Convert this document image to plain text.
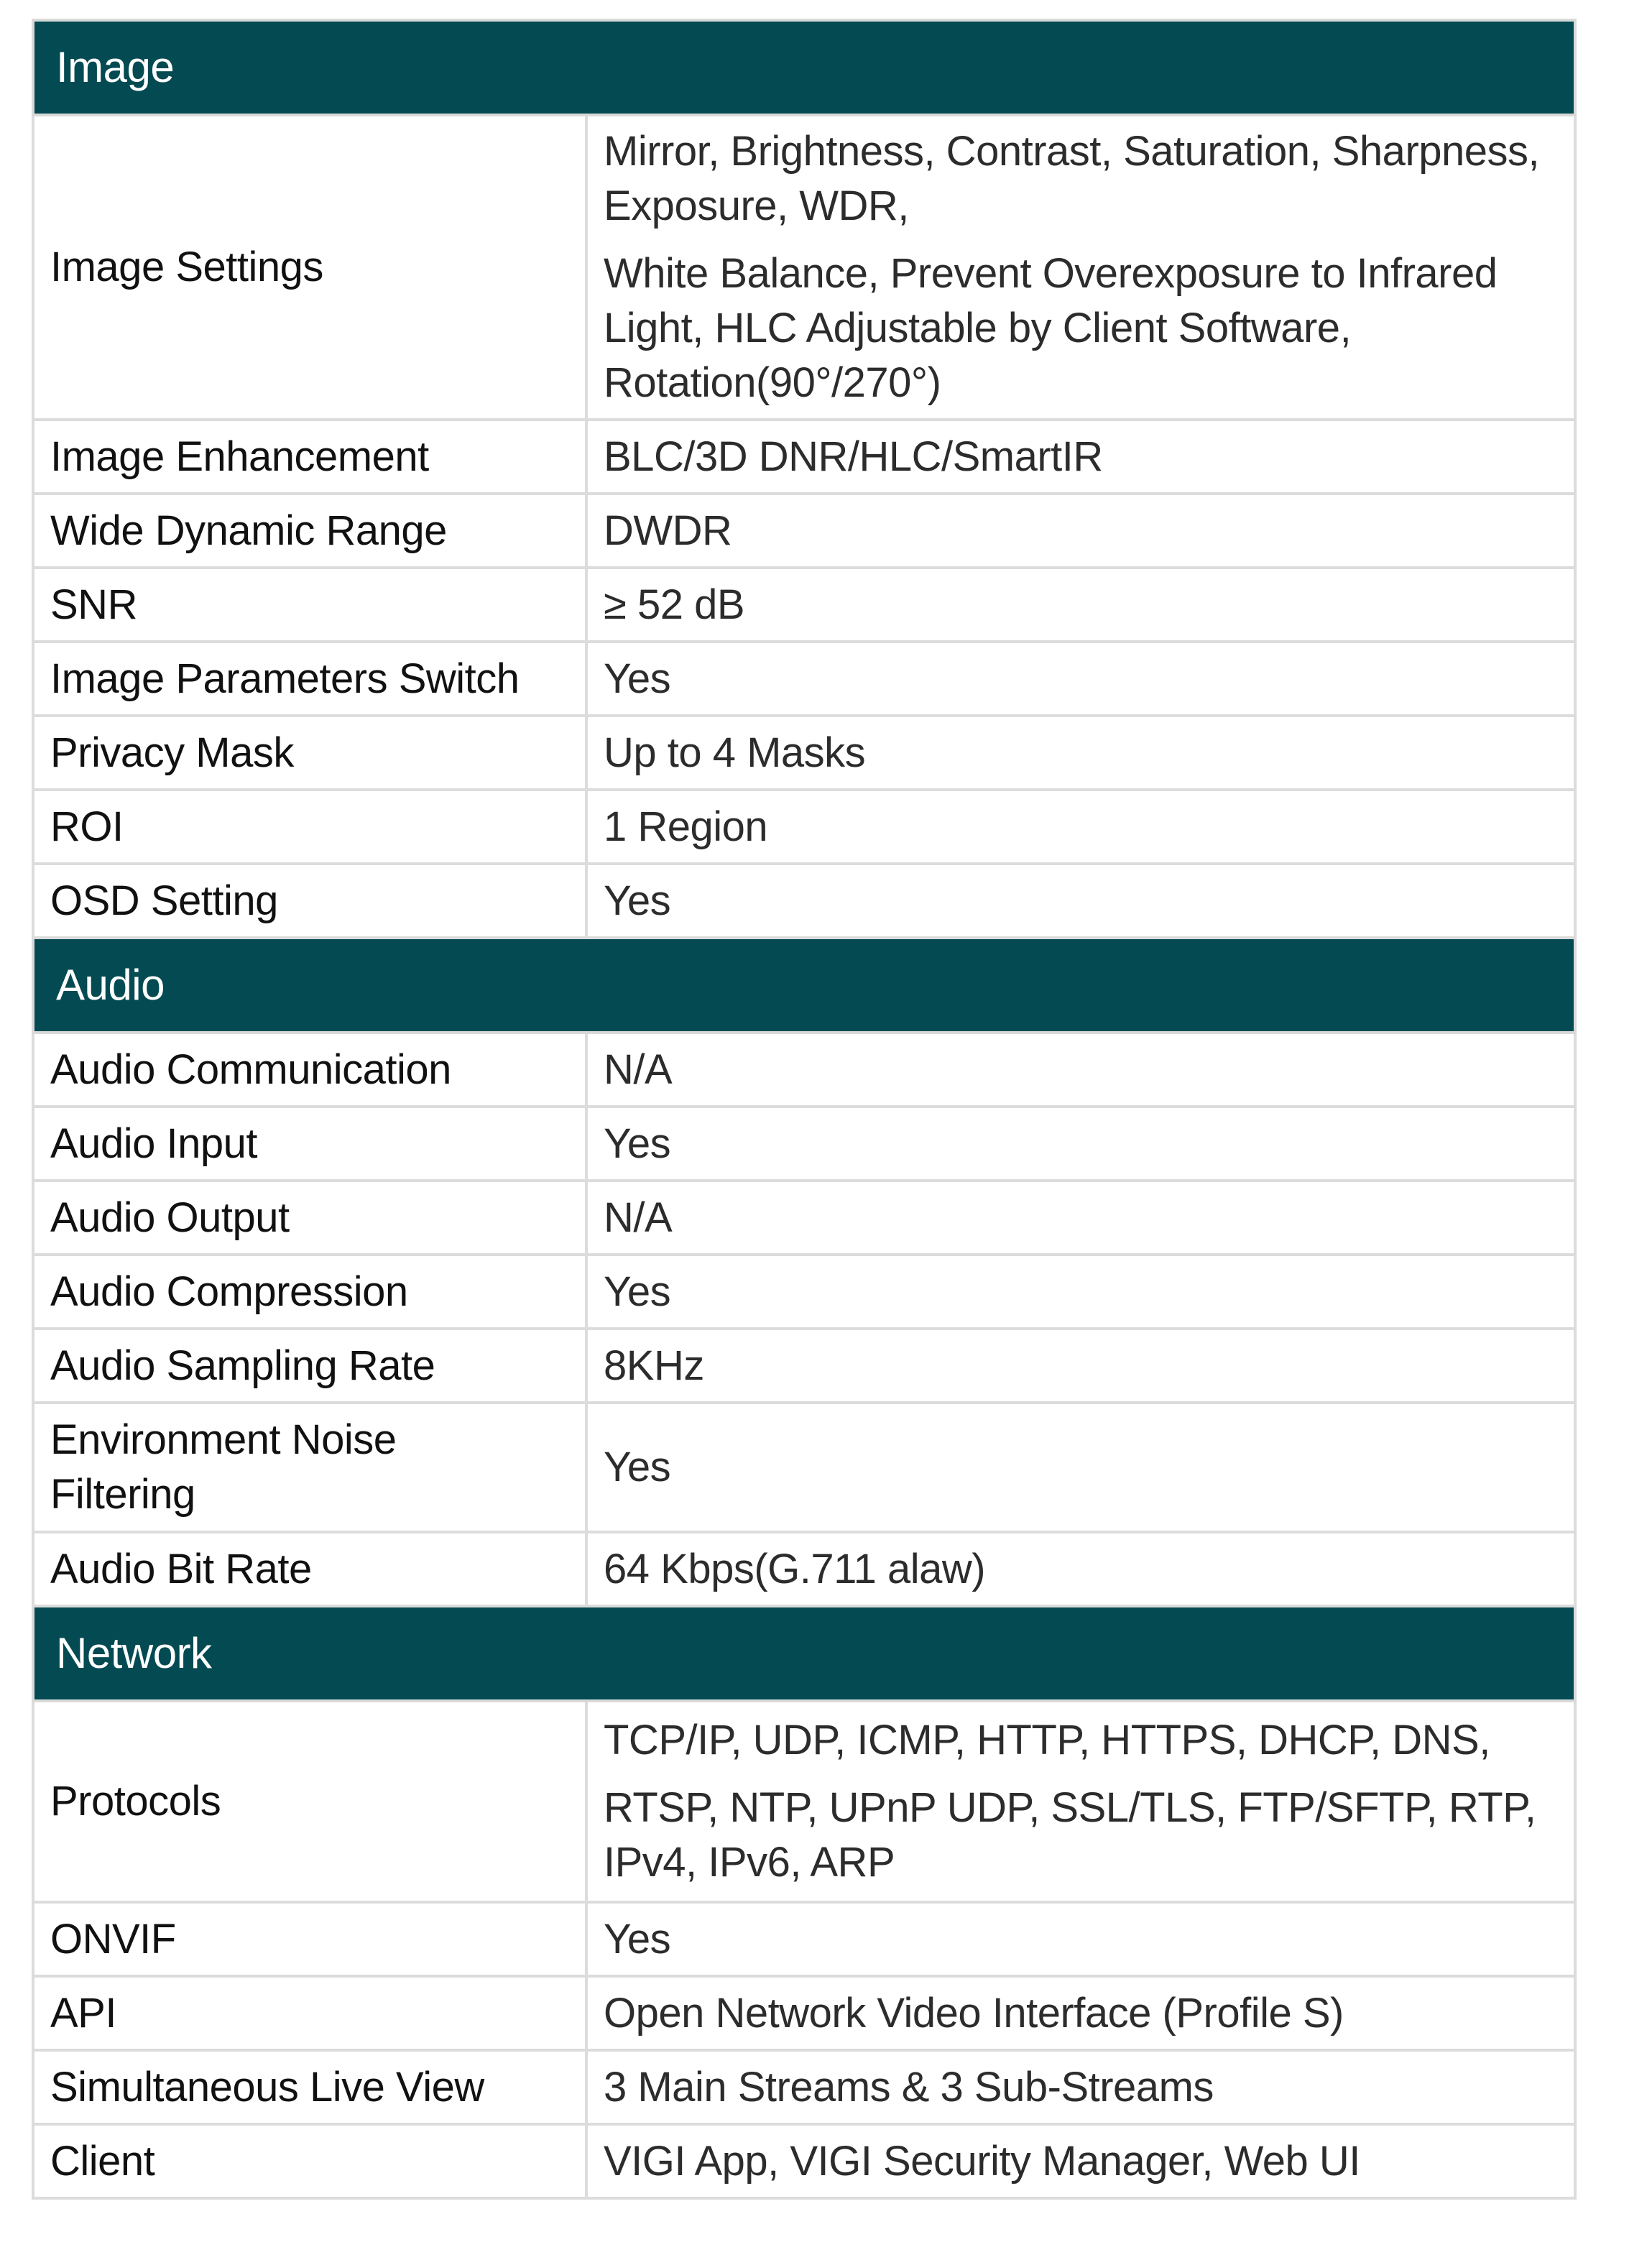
Image	
Image Settings	Mirror, Brightness, Contrast, Saturation, Sharpness,
Exposure, WDR,
White Balance, Prevent Overexposure to Infrared
Light, HLC Adjustable by Client Software,
Rotation(90°/270°)

Image Enhancement	BLC/3D DNR/HLC/SmartIR
Wide Dynamic Range	DWDR
SNR	≥ 52 dB
Image Parameters Switch	Yes
Privacy Mask	Up to 4 Masks
ROI	1 Region
OSD Setting	Yes
Audio	
Audio Communication	N/A
Audio Input	Yes
Audio Output	N/A
Audio Compression	Yes
Audio Sampling Rate	8KHz

Environment Noise
Filtering	Yes
Audio Bit Rate	64 Kbps(G.711 alaw)
Network	
Protocols	TCP/IP, UDP, ICMP, HTTP, HTTPS, DHCP, DNS,
RTSP, NTP, UPnP UDP, SSL/TLS, FTP/SFTP, RTP,
IPv4, IPv6, ARP

ONVIF	Yes
API	Open Network Video Interface (Profile S)
Simultaneous Live View	3 Main Streams & 3 Sub-Streams
Client	VIGI App, VIGI Security Manager, Web UI
